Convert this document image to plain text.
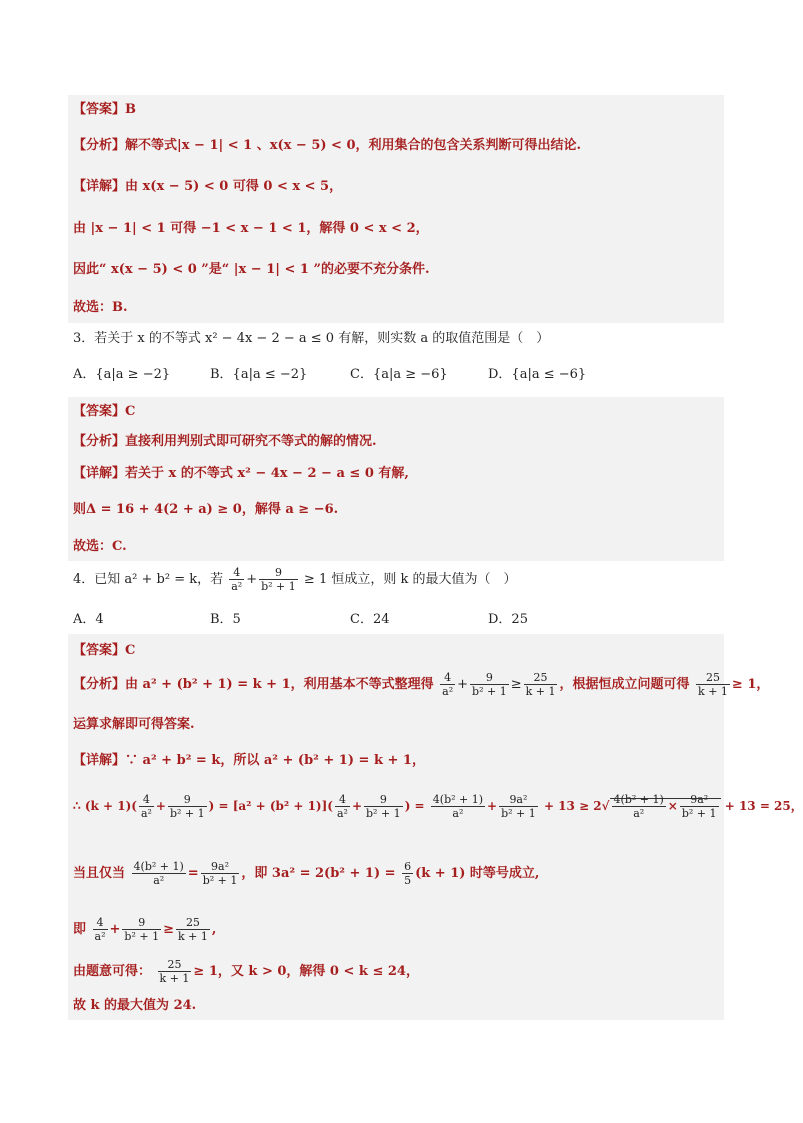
【答案】B
【分析】解不等式|x − 1| < 1 、x(x − 5) < 0，利用集合的包含关系判断可得出结论.
【详解】由 x(x − 5) < 0 可得 0 < x < 5，
由 |x − 1| < 1 可得 −1 < x − 1 < 1，解得 0 < x < 2，
因此“ x(x − 5) < 0 ”是“ |x − 1| < 1 ”的必要不充分条件.
故选：B.
3．若关于 x 的不等式 x² − 4x − 2 − a ≤ 0 有解，则实数 a 的取值范围是（　）
A．{a|a ≥ −2}	B．{a|a ≤ −2}	C．{a|a ≥ −6}	D．{a|a ≤ −6}
【答案】C
【分析】直接利用判别式即可研究不等式的解的情况.
【详解】若关于 x 的不等式 x² − 4x − 2 − a ≤ 0 有解,
则Δ = 16 + 4(2 + a) ≥ 0，解得 a ≥ −6.
故选：C.
4．已知 a² + b² = k，若 $\frac{4}{\text{a²}} + \frac{9}{\text{b² + 1}} \ge 1$ 恒成立，则 k 的最大值为（　）
A．4	B．5	C．24	D．25
【答案】C
【分析】由 a² + (b² + 1) = k + 1，利用基本不等式整理得 $\frac{4}{\text{a²}} + \frac{9}{\text{b² + 1}} \ge \frac{25}{k + 1}$ ，根据恒成立问题可得 $\frac{25}{k + 1} \ge 1$，
运算求解即可得答案.
【详解】∵ a² + b² = k，所以 a² + (b² + 1) = k + 1，
∴ $(k + 1)( \frac{4}{\text{a²}} + \frac{9}{\text{b² + 1}}$ ) = $[a^2 + (b^2 + 1)]( \frac{4}{\text{a²}} + \frac{9}{\text{b² + 1}}$ ) = $\frac{\text{4(b² + 1)}}{\text{a²}} + \frac{\text{9a²}}{\text{b² + 1}} + 13 \ge 2√ \frac{\text{4(b² + 1)}}{\text{a²}} \times \frac{\text{9a²}}{\text{b² + 1}} + 13 = 25$，
当且仅当 $\frac{\text{4(b² + 1)}}{\text{a²}} = \frac{\text{9a²}}{\text{b² + 1}}$ ，即 $3a^2 = 2(b^2 + 1) = \frac{6}{5} (k + 1)$ 时等号成立,
即 $\frac{4}{\text{a²}} + \frac{9}{\text{b² + 1}} \ge \frac{25}{k + 1}$ ,
由题意可得： $\frac{25}{k + 1} \ge 1$，又 k > 0，解得 0 < k ≤ 24，
故 k 的最大值为 24.
